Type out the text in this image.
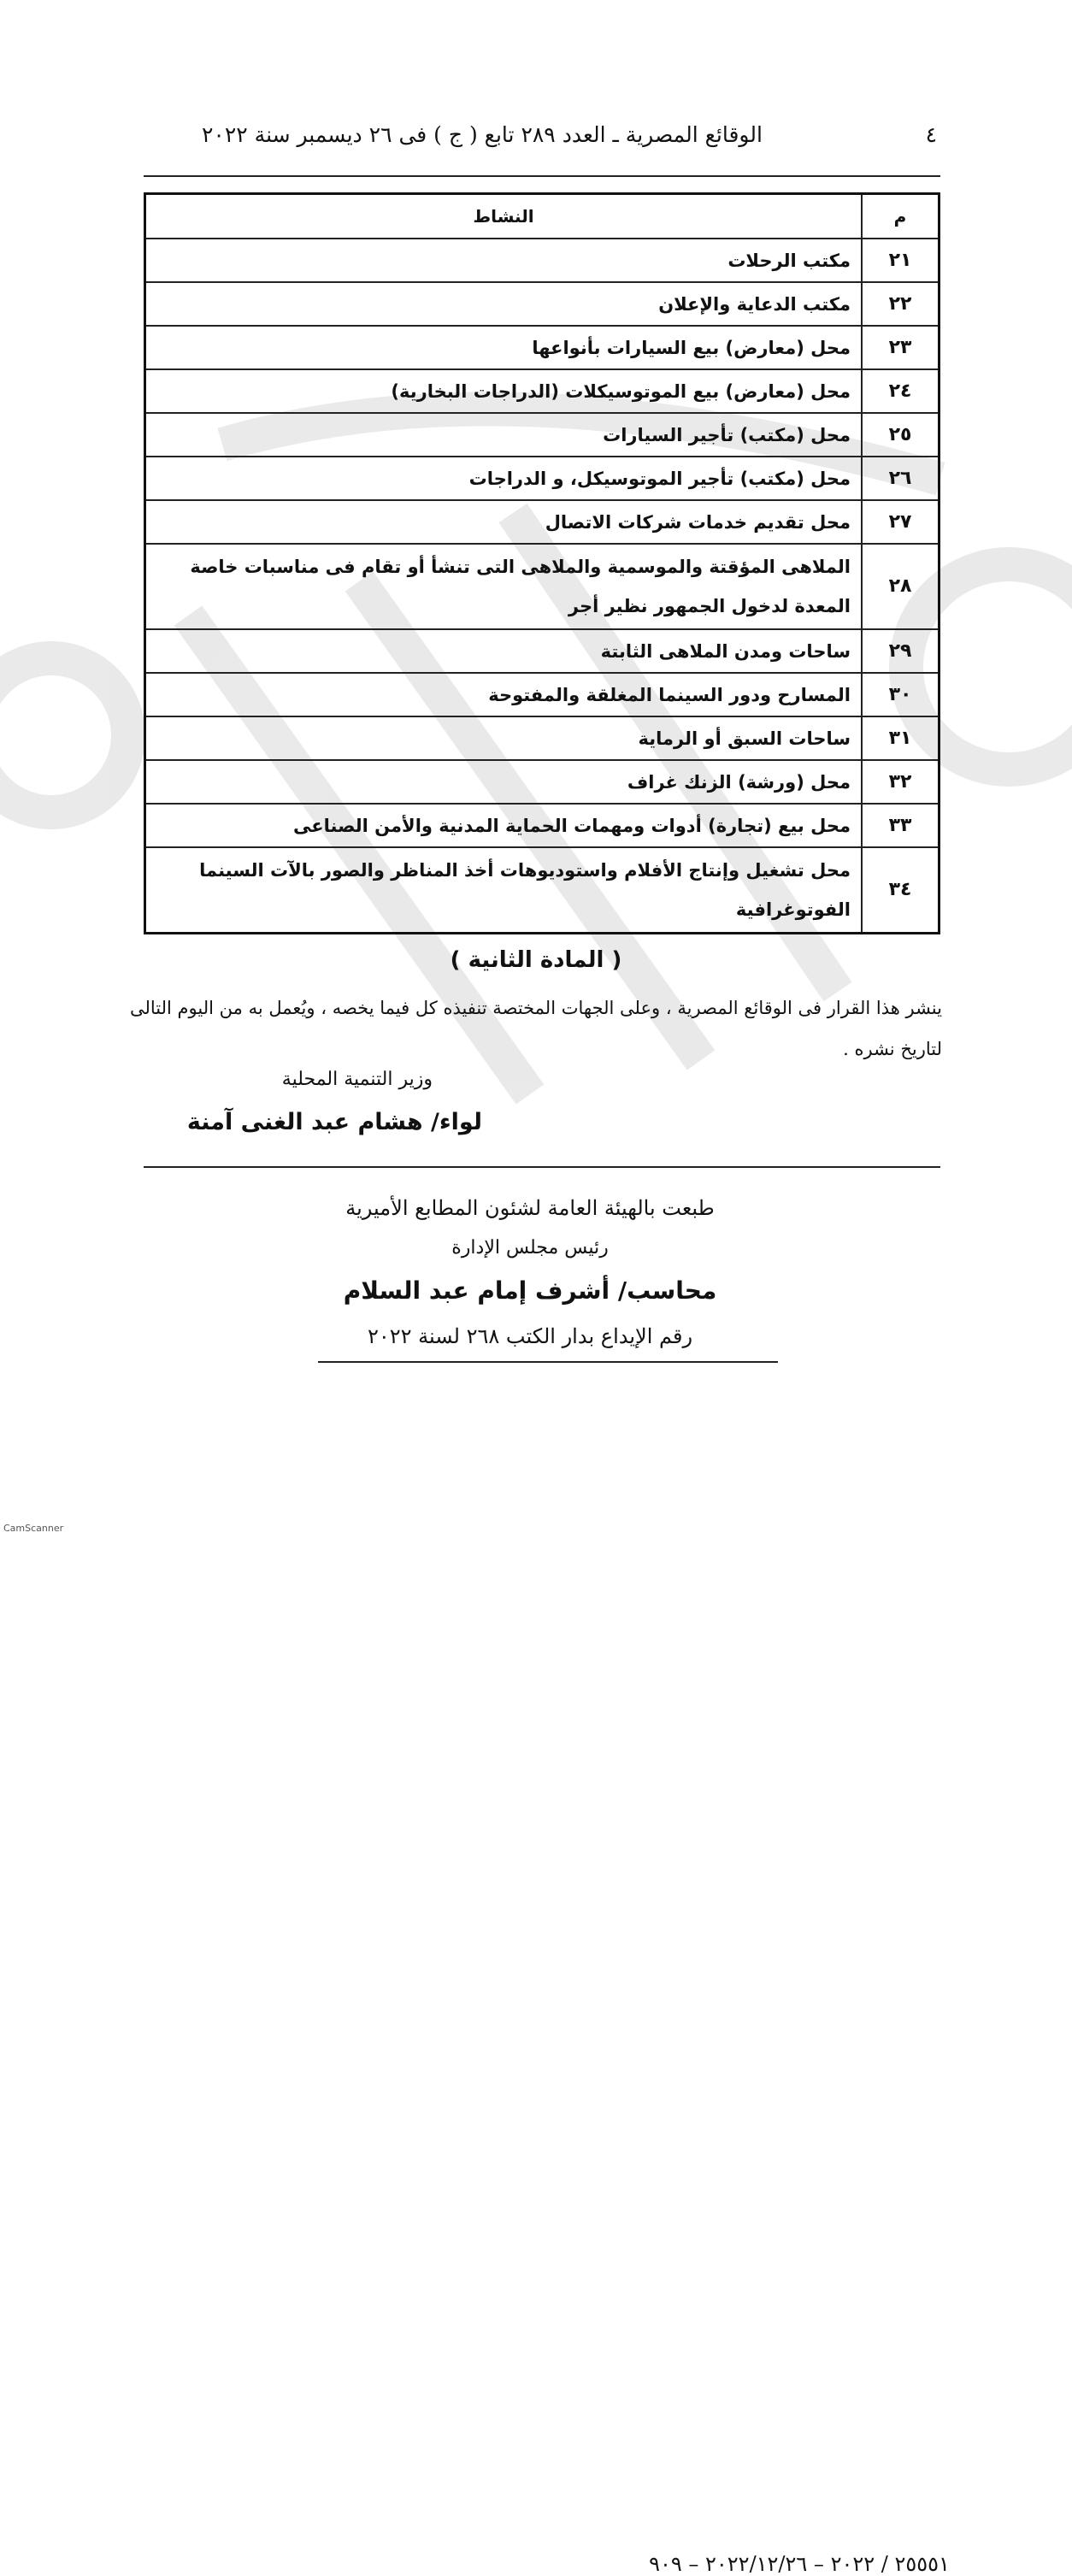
٤
الوقائع المصرية ـ العدد ٢٨٩ تابع ( ج ) فى ٢٦ ديسمبر سنة ٢٠٢٢
م	النشاط
٢١	مكتب الرحلات
٢٢	مكتب الدعاية والإعلان
٢٣	محل (معارض) بيع السيارات بأنواعها
٢٤	محل (معارض) بيع الموتوسيكلات (الدراجات البخارية)
٢٥	محل (مكتب) تأجير السيارات
٢٦	محل (مكتب) تأجير الموتوسيكل، و الدراجات
٢٧	محل تقديم خدمات شركات الاتصال
٢٨	الملاهى المؤقتة والموسمية والملاهى التى تنشأ أو تقام فى مناسبات خاصة المعدة لدخول الجمهور نظير أجر
٢٩	ساحات ومدن الملاهى الثابتة
٣٠	المسارح ودور السينما المغلقة والمفتوحة
٣١	ساحات السبق أو الرماية
٣٢	محل (ورشة) الزنك غراف
٣٣	محل بيع (تجارة) أدوات ومهمات الحماية المدنية والأمن الصناعى
٣٤	محل تشغيل وإنتاج الأفلام واستوديوهات أخذ المناظر والصور بالآت السينما الفوتوغرافية
( المادة الثانية )
ينشر هذا القرار فى الوقائع المصرية ، وعلى الجهات المختصة تنفيذه كل فيما يخصه ، ويُعمل به من اليوم التالى لتاريخ نشره .
وزير التنمية المحلية
لواء/ هشام عبد الغنى آمنة
طبعت بالهيئة العامة لشئون المطابع الأميرية
رئيس مجلس الإدارة
محاسب/ أشرف إمام عبد السلام
رقم الإيداع بدار الكتب ٢٦٨ لسنة ٢٠٢٢
٢٥٥٥١ / ٢٠٢٢ – ٢٠٢٢/١٢/٢٦ – ٩٠٩
CamScanner
